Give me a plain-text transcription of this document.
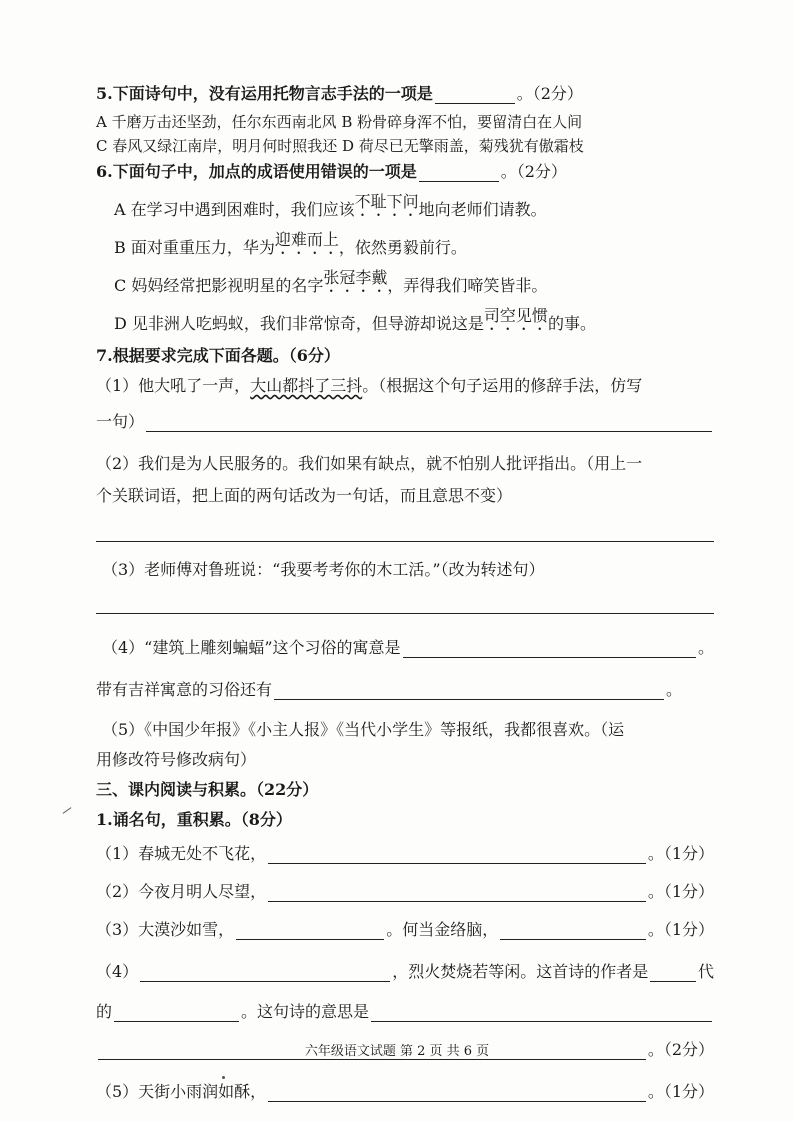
5.下面诗句中，没有运用托物言志手法的一项是	。（2分）
A 千磨万击还坚劲，任尔东西南北风 B 粉骨碎身浑不怕，要留清白在人间
C 春风又绿江南岸，明月何时照我还 D 荷尽已无擎雨盖，菊残犹有傲霜枝
6.下面句子中，加点的成语使用错误的一项是	。（2分）
A 在学习中遇到困难时，我们应该 不耻下问 地向老师们请教。
B 面对重重压力，华为 迎难而上 ，依然勇毅前行。
C 妈妈经常把影视明星的名字 张冠李戴 ，弄得我们啼笑皆非。
D 见非洲人吃蚂蚁，我们非常惊奇，但导游却说这是 司空见惯 的事。
7.根据要求完成下面各题。（6分）
（1）他大吼了一声， 大山都抖了三抖 。（根据这个句子运用的修辞手法，仿写
一句）
（2）我们是为人民服务的。我们如果有缺点，就不怕别人批评指出。（用上一
个关联词语，把上面的两句话改为一句话，而且意思不变）
（3）老师傅对鲁班说：“我要考考你的木工活。”（改为转述句）
（4）“建筑上雕刻蝙蝠”这个习俗的寓意是	。
带有吉祥寓意的习俗还有	。
（5）《中国少年报》《小主人报》《当代小学生》等报纸，我都很喜欢。（运
用修改符号修改病句）
三、课内阅读与积累。（22分）
1.诵名句，重积累。（8分）
（1）春城无处不飞花，	。（1分）
（2）今夜月明人尽望，	。（1分）
（3）大漠沙如雪，	。何当金络脑，	。（1分）
（4）	，烈火焚烧若等闲。这首诗的作者是	代
的	。这句诗的意思是
。（2分）
（5）天街小雨润如酥，	。（1分）
六年级语文试题 第 2 页 共 6 页
